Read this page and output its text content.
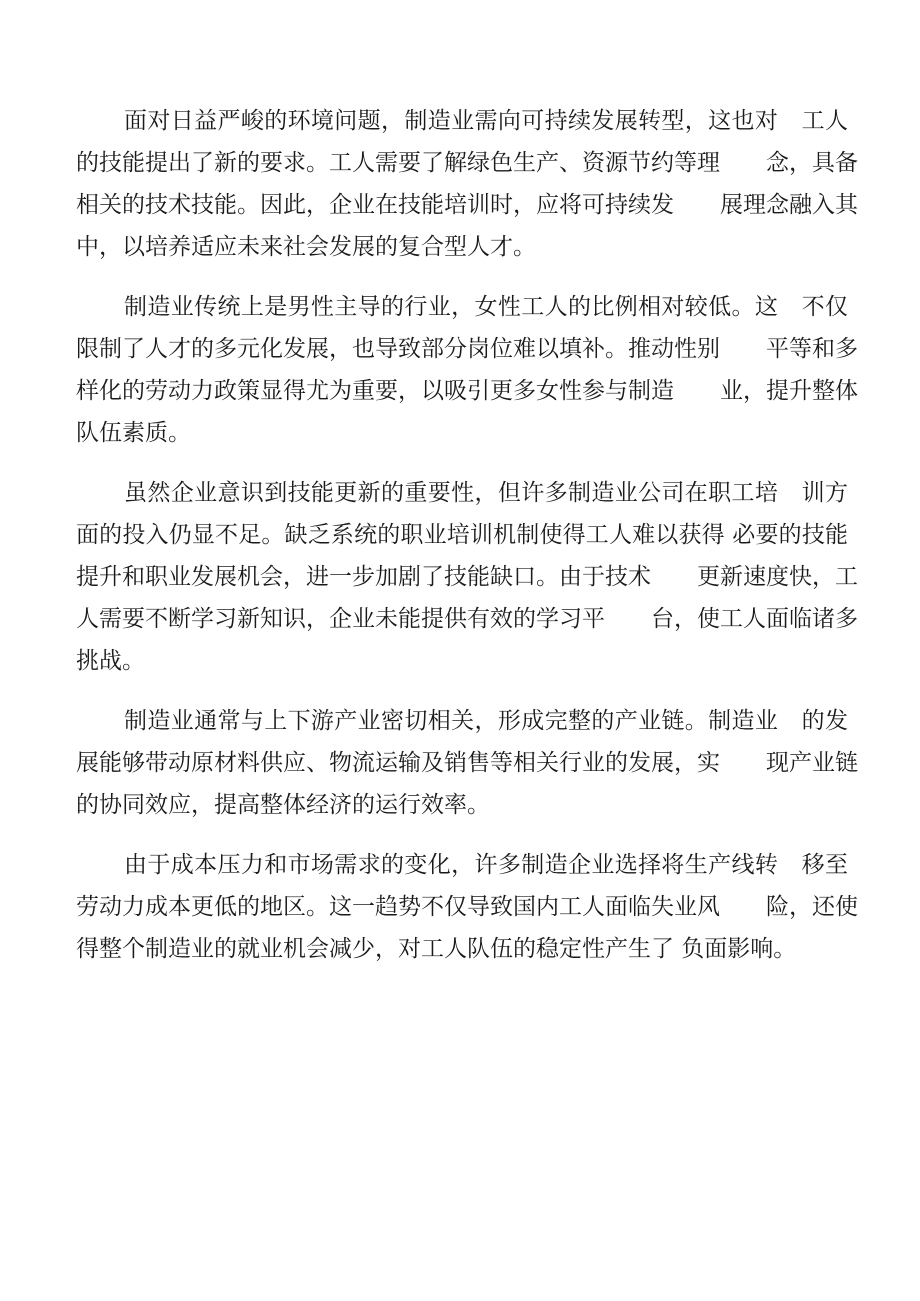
面对日益严峻的环境问题，制造业需向可持续发展转型，这也对　工人
的技能提出了新的要求。工人需要了解绿色生产、资源节约等理　　念，具备
相关的技术技能。因此，企业在技能培训时，应将可持续发　　展理念融入其
中，以培养适应未来社会发展的复合型人才。
制造业传统上是男性主导的行业，女性工人的比例相对较低。这　不仅
限制了人才的多元化发展，也导致部分岗位难以填补。推动性别　　平等和多
样化的劳动力政策显得尤为重要，以吸引更多女性参与制造　　业，提升整体
队伍素质。
虽然企业意识到技能更新的重要性，但许多制造业公司在职工培　训方
面的投入仍显不足。缺乏系统的职业培训机制使得工人难以获得 必要的技能
提升和职业发展机会，进一步加剧了技能缺口。由于技术　　更新速度快，工
人需要不断学习新知识，企业未能提供有效的学习平　　台，使工人面临诸多
挑战。
制造业通常与上下游产业密切相关，形成完整的产业链。制造业　的发
展能够带动原材料供应、物流运输及销售等相关行业的发展，实　　现产业链
的协同效应，提高整体经济的运行效率。
由于成本压力和市场需求的变化，许多制造企业选择将生产线转　移至
劳动力成本更低的地区。这一趋势不仅导致国内工人面临失业风　　险，还使
得整个制造业的就业机会减少，对工人队伍的稳定性产生了 负面影响。
